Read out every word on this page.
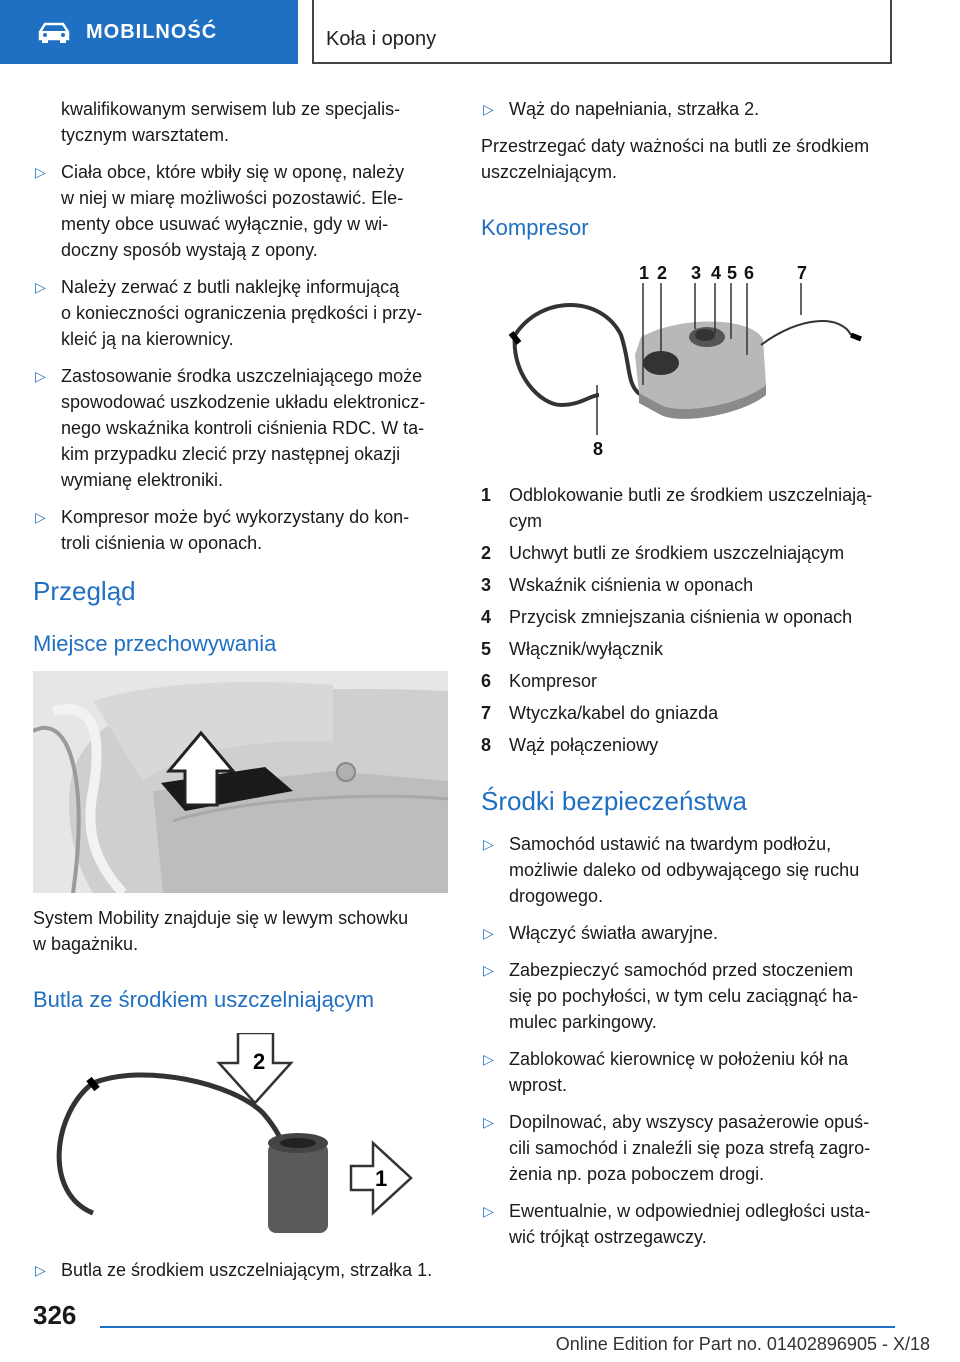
MOBILNOŚĆ	Koła i opony
kwalifikowanym serwisem lub ze specjalis-
tycznym warsztatem.
▷ Ciała obce, które wbiły się w oponę, należy
w niej w miarę możliwości pozostawić. Ele-
menty obce usuwać wyłącznie, gdy w wi-
doczny sposób wystają z opony.
▷ Należy zerwać z butli naklejkę informującą
o konieczności ograniczenia prędkości i przy-
kleić ją na kierownicy.
▷ Zastosowanie środka uszczelniającego może
spowodować uszkodzenie układu elektronicz-
nego wskaźnika kontroli ciśnienia RDC. W ta-
kim przypadku zlecić przy następnej okazji
wymianę elektroniki.
▷ Kompresor może być wykorzystany do kon-
troli ciśnienia w oponach.
Przegląd
Miejsce przechowywania

System Mobility znajduje się w lewym schowku
w bagażniku.

Butla ze środkiem uszczelniającym
2
1
▷ Butla ze środkiem uszczelniającym, strzałka 1.
▷ Wąż do napełniania, strzałka 2.

Przestrzegać daty ważności na butli ze środkiem
uszczelniającym.

Kompresor
1 2 3 4 5 6 7
8
1 Odblokowanie butli ze środkiem uszczelniają-
cym
2 Uchwyt butli ze środkiem uszczelniającym
3 Wskaźnik ciśnienia w oponach
4 Przycisk zmniejszania ciśnienia w oponach
5 Włącznik/wyłącznik
6 Kompresor
7 Wtyczka/kabel do gniazda
8 Wąż połączeniowy
Środki bezpieczeństwa
▷ Samochód ustawić na twardym podłożu,
możliwie daleko od odbywającego się ruchu
drogowego.
▷ Włączyć światła awaryjne.
▷ Zabezpieczyć samochód przed stoczeniem
się po pochyłości, w tym celu zaciągnąć ha-
mulec parkingowy.
▷ Zablokować kierownicę w położeniu kół na
wprost.
▷ Dopilnować, aby wszyscy pasażerowie opuś-
cili samochód i znaleźli się poza strefą zagro-
żenia np. poza poboczem drogi.
▷ Ewentualnie, w odpowiedniej odległości usta-
wić trójkąt ostrzegawczy.
326
Online Edition for Part no. 01402896905 - X/18
